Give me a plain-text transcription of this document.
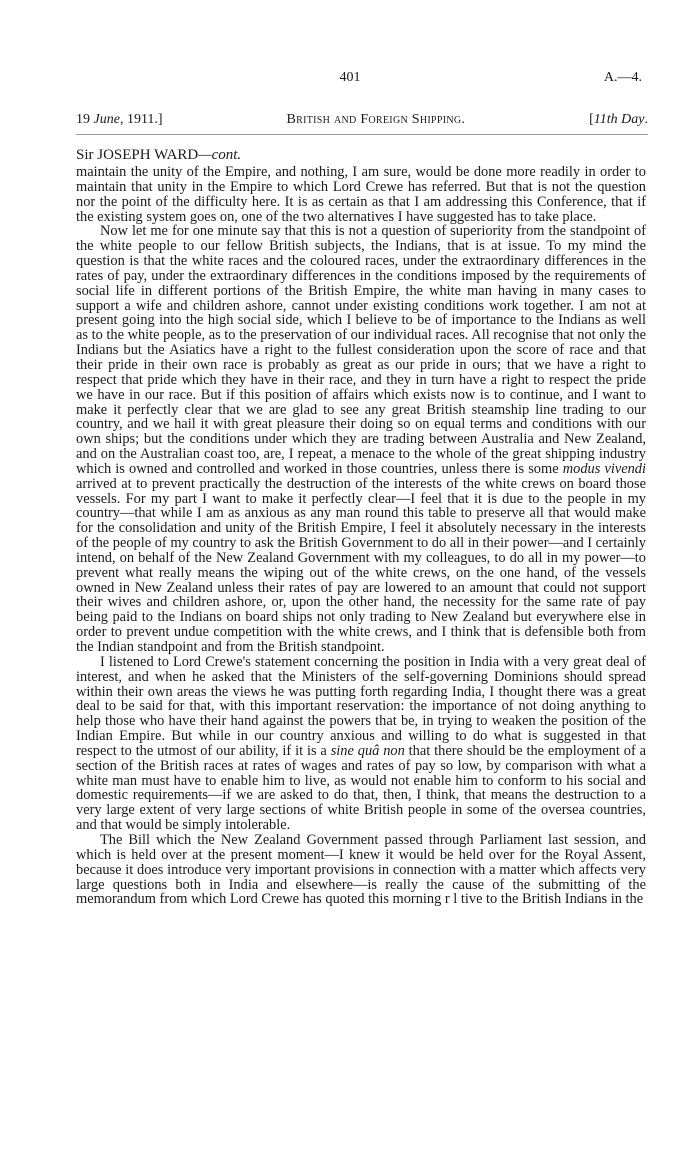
401	A.—4.
19 June, 1911.]	British and Foreign Shipping.	[11th Day.
Sir JOSEPH WARD—cont.

maintain the unity of the Empire, and nothing, I am sure, would be done more readily in order to maintain that unity in the Empire to which Lord Crewe has referred. But that is not the question nor the point of the difficulty here. It is as certain as that I am addressing this Conference, that if the existing system goes on, one of the two alternatives I have suggested has to take place.

Now let me for one minute say that this is not a question of superiority from the standpoint of the white people to our fellow British subjects, the Indians, that is at issue. To my mind the question is that the white races and the coloured races, under the extraordinary differences in the rates of pay, under the extraordinary differences in the conditions imposed by the requirements of social life in different portions of the British Empire, the white man having in many cases to support a wife and children ashore, cannot under existing conditions work together. I am not at present going into the high social side, which I believe to be of importance to the Indians as well as to the white people, as to the preservation of our individual races. All recognise that not only the Indians but the Asiatics have a right to the fullest consideration upon the score of race and that their pride in their own race is probably as great as our pride in ours; that we have a right to respect that pride which they have in their race, and they in turn have a right to respect the pride we have in our race. But if this position of affairs which exists now is to continue, and I want to make it perfectly clear that we are glad to see any great British steamship line trading to our country, and we hail it with great pleasure their doing so on equal terms and conditions with our own ships; but the conditions under which they are trading between Australia and New Zealand, and on the Australian coast too, are, I repeat, a menace to the whole of the great shipping industry which is owned and controlled and worked in those countries, unless there is some modus vivendi arrived at to prevent practically the destruction of the interests of the white crews on board those vessels. For my part I want to make it perfectly clear—I feel that it is due to the people in my country—that while I am as anxious as any man round this table to preserve all that would make for the consolidation and unity of the British Empire, I feel it absolutely necessary in the interests of the people of my country to ask the British Government to do all in their power—and I certainly intend, on behalf of the New Zealand Government with my colleagues, to do all in my power—to prevent what really means the wiping out of the white crews, on the one hand, of the vessels owned in New Zealand unless their rates of pay are lowered to an amount that could not support their wives and children ashore, or, upon the other hand, the necessity for the same rate of pay being paid to the Indians on board ships not only trading to New Zealand but everywhere else in order to prevent undue competition with the white crews, and I think that is defensible both from the Indian standpoint and from the British standpoint.

I listened to Lord Crewe's statement concerning the position in India with a very great deal of interest, and when he asked that the Ministers of the self-governing Dominions should spread within their own areas the views he was putting forth regarding India, I thought there was a great deal to be said for that, with this important reservation: the importance of not doing anything to help those who have their hand against the powers that be, in trying to weaken the position of the Indian Empire. But while in our country anxious and willing to do what is suggested in that respect to the utmost of our ability, if it is a sine quâ non that there should be the employment of a section of the British races at rates of wages and rates of pay so low, by comparison with what a white man must have to enable him to live, as would not enable him to conform to his social and domestic requirements—if we are asked to do that, then, I think, that means the destruction to a very large extent of very large sections of white British people in some of the oversea countries, and that would be simply intolerable.

The Bill which the New Zealand Government passed through Parliament last session, and which is held over at the present moment—I knew it would be held over for the Royal Assent, because it does introduce very important provisions in connection with a matter which affects very large questions both in India and elsewhere—is really the cause of the submitting of the memorandum from which Lord Crewe has quoted this morning r⁠ l tive to the British Indians in the
